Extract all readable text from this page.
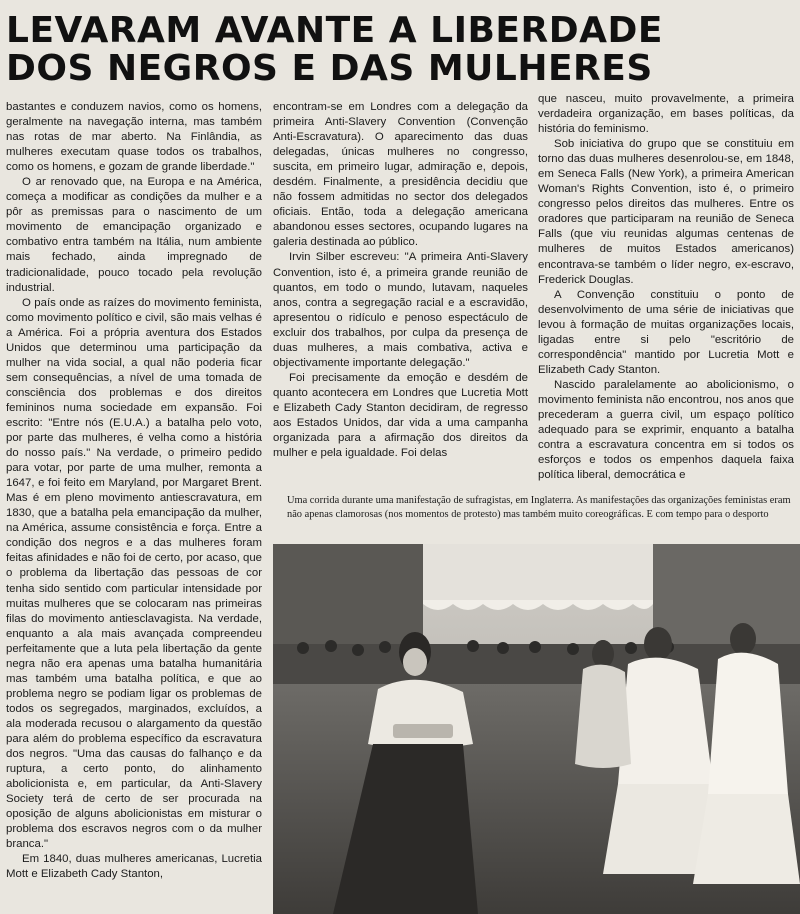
LEVARAM AVANTE A LIBERDADE
DOS NEGROS E DAS MULHERES

bastantes e conduzem navios, como os homens, geralmente na navegação interna, mas também nas rotas de mar aberto. Na Finlândia, as mulheres executam quase todos os trabalhos, como os homens, e gozam de grande liberdade."

O ar renovado que, na Europa e na América, começa a modificar as condições da mulher e a pôr as premissas para o nascimento de um movimento de emancipação organizado e combativo entra também na Itália, num ambiente mais fechado, ainda impregnado de tradicionalidade, pouco tocado pela revolução industrial.

O país onde as raízes do movimento feminista, como movimento político e civil, são mais velhas é a América. Foi a própria aventura dos Estados Unidos que determinou uma participação da mulher na vida social, a qual não poderia ficar sem consequências, a nível de uma tomada de consciência dos problemas e dos direitos femininos numa sociedade em expansão. Foi escrito: "Entre nós (E.U.A.) a batalha pelo voto, por parte das mulheres, é velha como a história do nosso país." Na verdade, o primeiro pedido para votar, por parte de uma mulher, remonta a 1647, e foi feito em Maryland, por Margaret Brent. Mas é em pleno movimento antiescravatura, em 1830, que a batalha pela emancipação da mulher, na América, assume consistência e força. Entre a condição dos negros e a das mulheres foram feitas afinidades e não foi de certo, por acaso, que o problema da libertação das pessoas de cor tenha sido sentido com particular intensidade por muitas mulheres que se colocaram nas primeiras filas do movimento antiesclavagista. Na verdade, enquanto a ala mais avançada compreendeu perfeitamente que a luta pela libertação da gente negra não era apenas uma batalha humanitária mas também uma batalha política, e que ao problema negro se podiam ligar os problemas de todos os segregados, marginados, excluídos, a ala moderada recusou o alargamento da questão para além do problema específico da escravatura dos negros. "Uma das causas do falhanço e da ruptura, a certo ponto, do alinhamento abolicionista e, em particular, da Anti-Slavery Society terá de certo de ser procurada na oposição de alguns abolicionistas em misturar o problema dos escravos negros com o da mulher branca."

Em 1840, duas mulheres americanas, Lucretia Mott e Elizabeth Cady Stanton,

encontram-se em Londres com a delegação da primeira Anti-Slavery Convention (Convenção Anti-Escravatura). O aparecimento das duas delegadas, únicas mulheres no congresso, suscita, em primeiro lugar, admiração e, depois, desdém. Finalmente, a presidência decidiu que não fossem admitidas no sector dos delegados oficiais. Então, toda a delegação americana abandonou esses sectores, ocupando lugares na galeria destinada ao público.

Irvin Silber escreveu: "A primeira Anti-Slavery Convention, isto é, a primeira grande reunião de quantos, em todo o mundo, lutavam, naqueles anos, contra a segregação racial e a escravidão, apresentou o ridículo e penoso espectáculo de excluir dos trabalhos, por culpa da presença de duas mulheres, a mais combativa, activa e objectivamente importante delegação."

Foi precisamente da emoção e desdém de quanto acontecera em Londres que Lucretia Mott e Elizabeth Cady Stanton decidiram, de regresso aos Estados Unidos, dar vida a uma campanha organizada para a afirmação dos direitos da mulher e pela igualdade. Foi delas

que nasceu, muito provavelmente, a primeira verdadeira organização, em bases políticas, da história do feminismo.

Sob iniciativa do grupo que se constituiu em torno das duas mulheres desenrolou-se, em 1848, em Seneca Falls (New York), a primeira American Woman's Rights Convention, isto é, o primeiro congresso pelos direitos das mulheres. Entre os oradores que participaram na reunião de Seneca Falls (que viu reunidas algumas centenas de mulheres de muitos Estados americanos) encontrava-se também o líder negro, ex-escravo, Frederick Douglas.

A Convenção constituiu o ponto de desenvolvimento de uma série de iniciativas que levou à formação de muitas organizações locais, ligadas entre si pelo "escritório de correspondência" mantido por Lucretia Mott e Elizabeth Cady Stanton.

Nascido paralelamente ao abolicionismo, o movimento feminista não encontrou, nos anos que precederam a guerra civil, um espaço político adequado para se exprimir, enquanto a batalha contra a escravatura concentra em si todos os esforços e todos os empenhos daquela faixa política liberal, democrática e

Uma corrida durante uma manifestação de sufragistas, em Inglaterra. As manifestações das organizações feministas eram não apenas clamorosas (nos momentos de protesto) mas também muito coreográficas. E com tempo para o desporto
